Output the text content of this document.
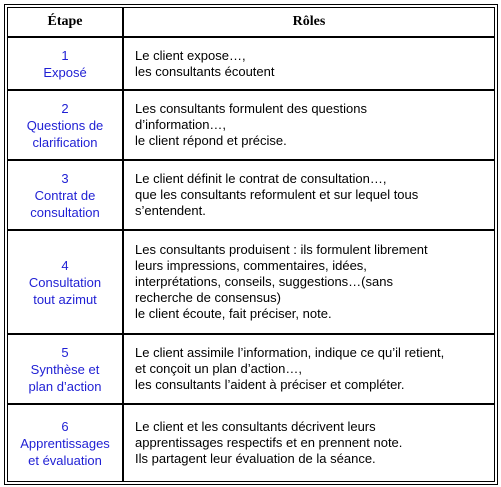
Étape	Rôles

1
Exposé	Le client expose…,
les consultants écoutent

2
Questions de
clarification	Les consultants formulent des questions
d’information…,
le client répond et précise.

3
Contrat de
consultation	Le client définit le contrat de consultation…,
que les consultants reformulent et sur lequel tous
s’entendent.

4
Consultation
tout azimut	Les consultants produisent : ils formulent librement
leurs impressions, commentaires, idées,
interprétations, conseils, suggestions…(sans
recherche de consensus)
le client écoute, fait préciser, note.

5
Synthèse et
plan d’action	Le client assimile l’information, indique ce qu’il retient,
et conçoit un plan d’action…,
les consultants l’aident à préciser et compléter.

6
Apprentissages
et évaluation	Le client et les consultants décrivent leurs
apprentissages respectifs et en prennent note.
Ils partagent leur évaluation de la séance.
